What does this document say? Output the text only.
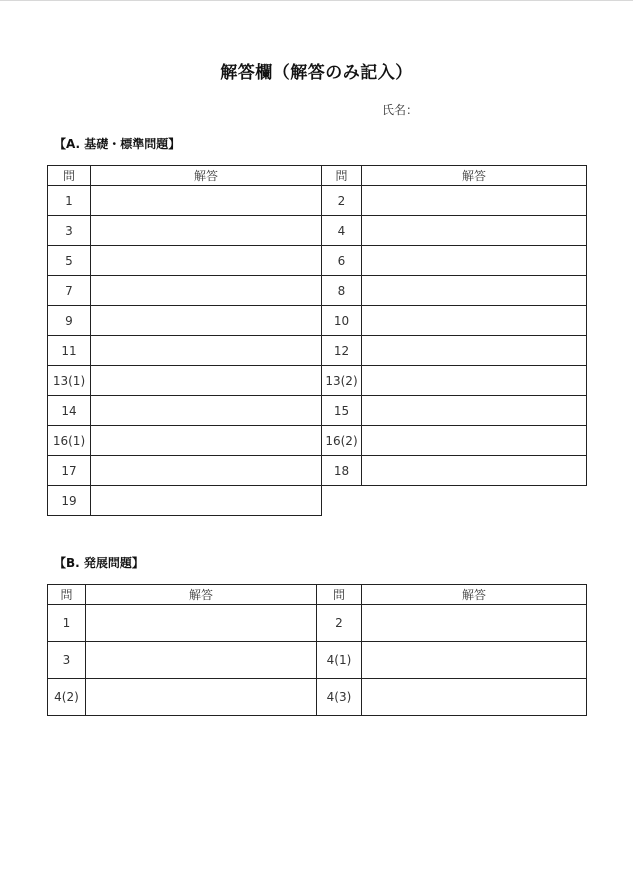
解答欄（解答のみ記入）
氏名：
【A. 基礎・標準問題】
問	解答	問	解答
1		2	
3		4	
5		6	
7		8	
9		10	
11		12	
13(1)		13(2)	
14		15	
16(1)		16(2)	
17		18	
19			
【B. 発展問題】
問	解答	問	解答
1		2	
3		4(1)	
4(2)		4(3)	
